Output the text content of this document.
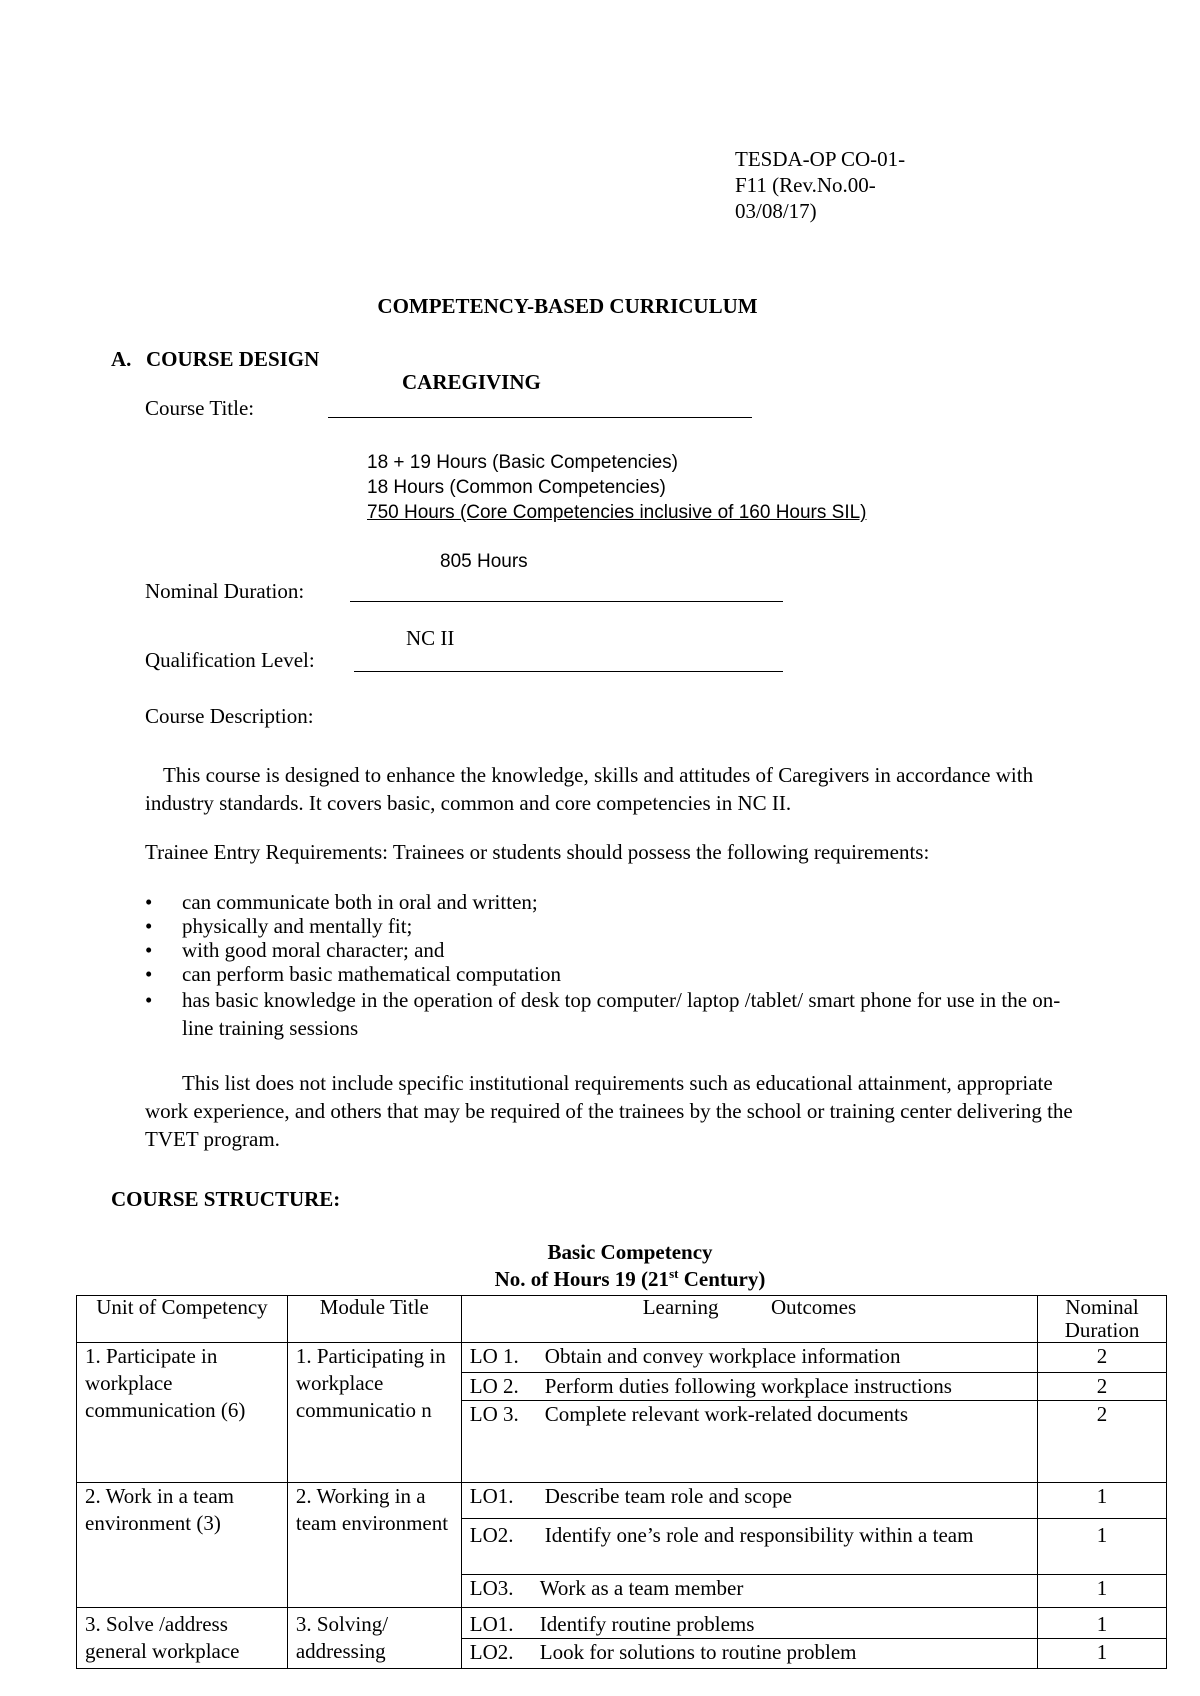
TESDA-OP CO-01-
F11 (Rev.No.00-
03/08/17)
COMPETENCY-BASED CURRICULUM
A. COURSE DESIGN
CAREGIVING
Course Title:
18 + 19 Hours (Basic Competencies)
18 Hours (Common Competencies)
750 Hours (Core Competencies inclusive of 160 Hours SIL)
805 Hours
Nominal Duration:
NC II
Qualification Level:
Course Description:
This course is designed to enhance the knowledge, skills and attitudes of Caregivers in accordance with industry standards. It covers basic, common and core competencies in NC II.
Trainee Entry Requirements: Trainees or students should possess the following requirements:
• can communicate both in oral and written;
• physically and mentally fit;
• with good moral character; and
• can perform basic mathematical computation
• has basic knowledge in the operation of desk top computer/ laptop /tablet/ smart phone for use in the on-line training sessions
This list does not include specific institutional requirements such as educational attainment, appropriate work experience, and others that may be required of the trainees by the school or training center delivering the TVET program.
COURSE STRUCTURE:
Basic Competency
No. of Hours 19 (21st Century)
Unit of Competency	Module Title	Learning          Outcomes	Nominal Duration
1. Participate in workplace communication (6)	1. Participating in workplace communicatio n	LO 1. Obtain and convey workplace information	2

		LO 2. Perform duties following workplace instructions	2

		LO 3. Complete relevant work-related documents	2
2. Work in a team environment (3)	2. Working in a team environment	LO1. Describe team role and scope	1

		LO2. Identify one’s role and responsibility within a team	1

		LO3. Work as a team member	1
3. Solve /address general workplace	3. Solving/ addressing	LO1. Identify routine problems	1

		LO2. Look for solutions to routine problem	1
